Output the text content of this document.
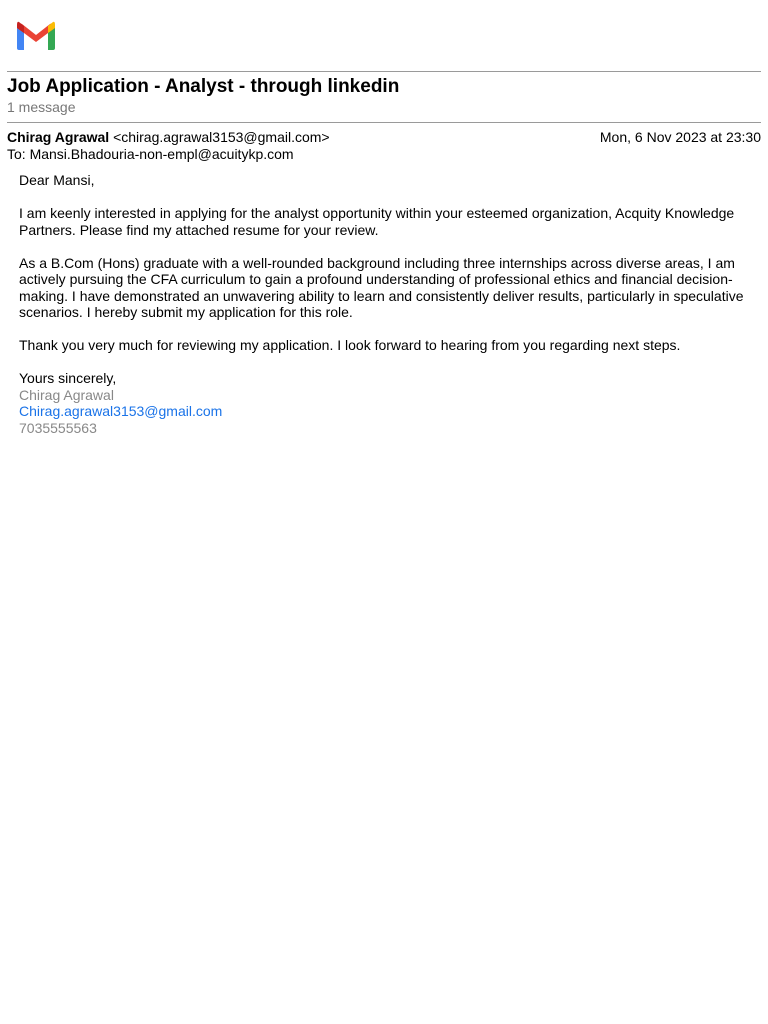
Job Application - Analyst - through linkedin
1 message
Chirag Agrawal <chirag.agrawal3153@gmail.com>	Mon, 6 Nov 2023 at 23:30
To: Mansi.Bhadouria-non-empl@acuitykp.com

Dear Mansi,

I am keenly interested in applying for the analyst opportunity within your esteemed organization, Acquity Knowledge Partners. Please find my attached resume for your review.

As a B.Com (Hons) graduate with a well-rounded background including three internships across diverse areas, I am actively pursuing the CFA curriculum to gain a profound understanding of professional ethics and financial decision-making. I have demonstrated an unwavering ability to learn and consistently deliver results, particularly in speculative scenarios. I hereby submit my application for this role.

Thank you very much for reviewing my application. I look forward to hearing from you regarding next steps.

Yours sincerely,
Chirag Agrawal
Chirag.agrawal3153@gmail.com
7035555563
